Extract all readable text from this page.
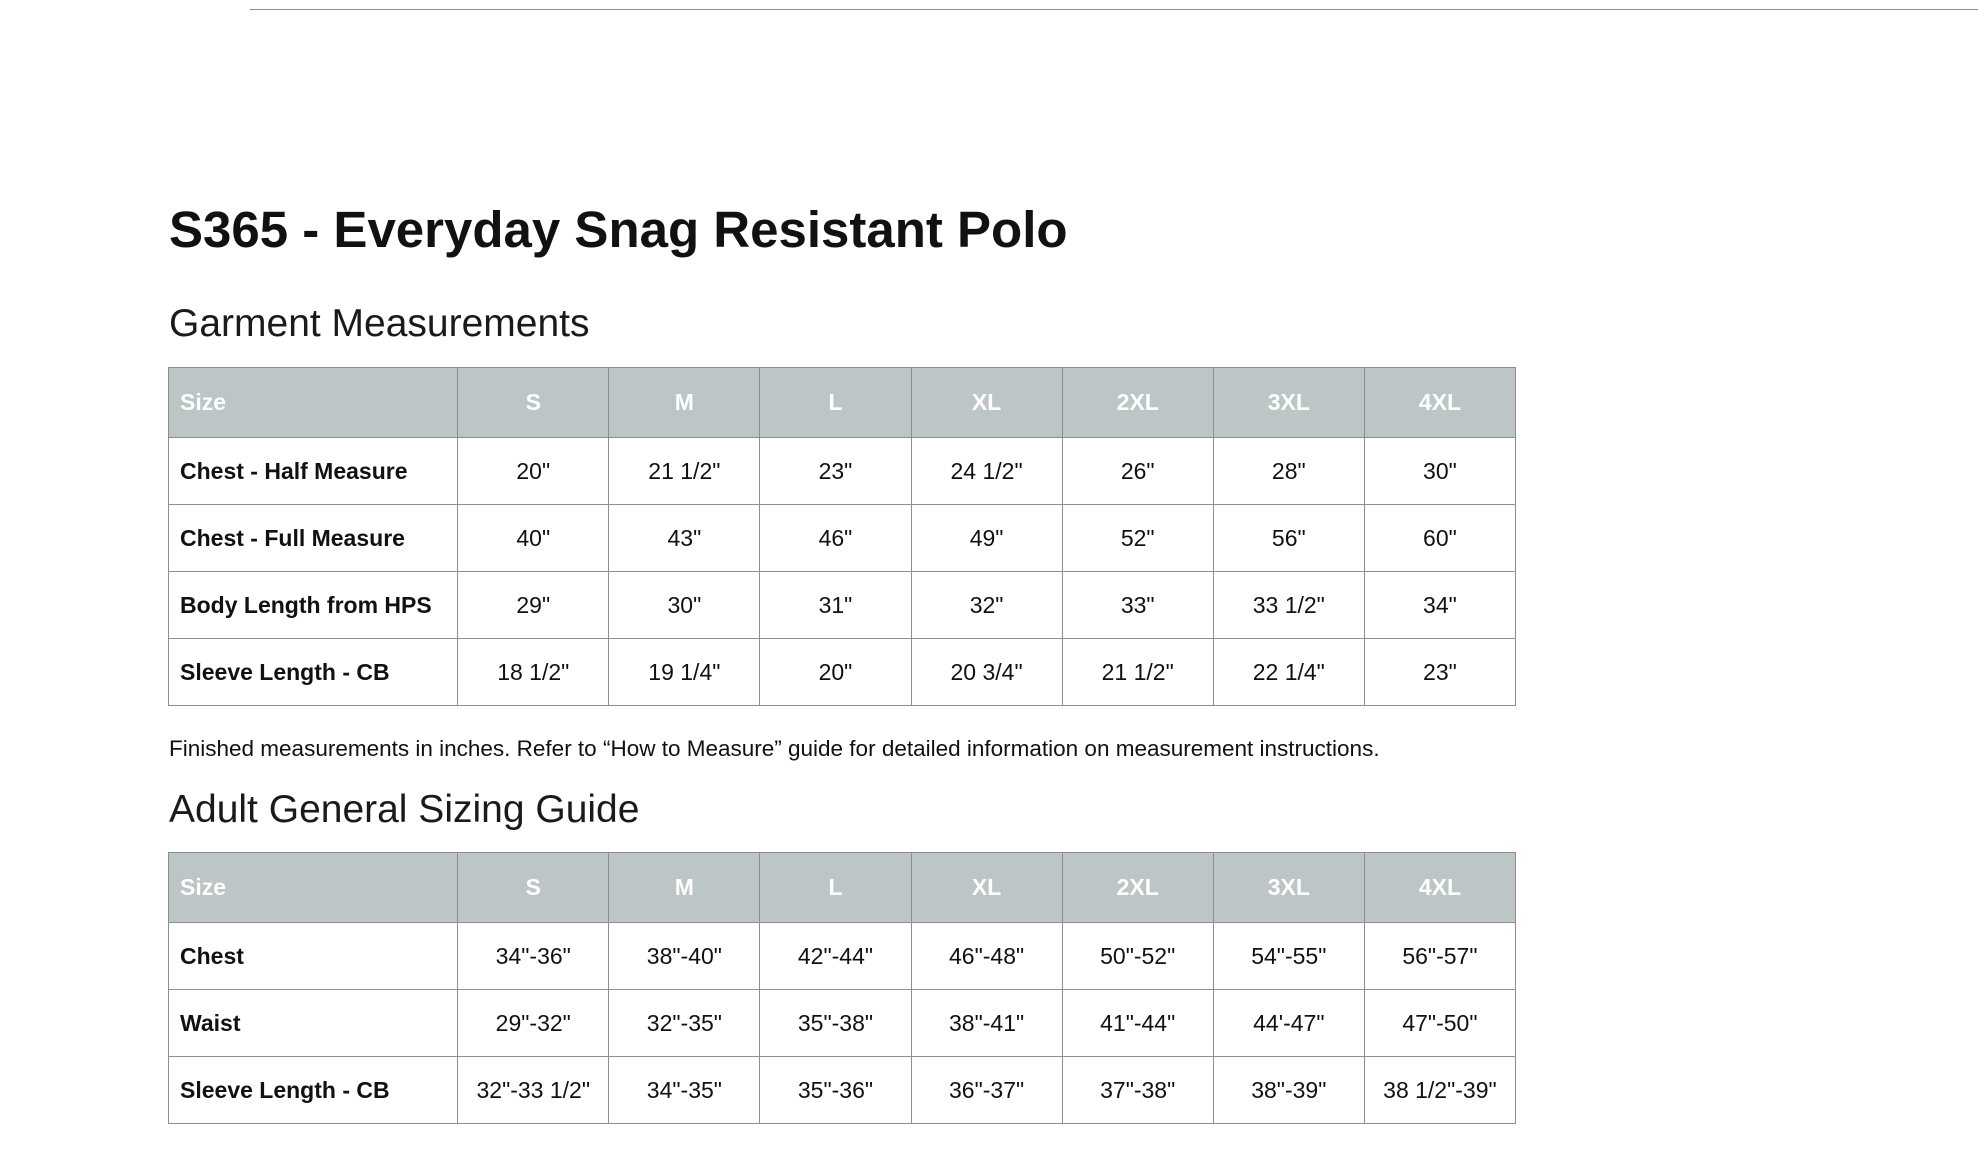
S365 - Everyday Snag Resistant Polo
Garment Measurements
Size	S	M	L	XL	2XL	3XL	4XL
Chest - Half Measure	20"	21 1/2"	23"	24 1/2"	26"	28"	30"
Chest - Full Measure	40"	43"	46"	49"	52"	56"	60"
Body Length from HPS	29"	30"	31"	32"	33"	33 1/2"	34"
Sleeve Length - CB	18 1/2"	19 1/4"	20"	20 3/4"	21 1/2"	22 1/4"	23"

Finished measurements in inches. Refer to “How to Measure” guide for detailed information on measurement instructions.

Adult General Sizing Guide
Size	S	M	L	XL	2XL	3XL	4XL
Chest	34"-36"	38"-40"	42"-44"	46"-48"	50"-52"	54"-55"	56"-57"
Waist	29"-32"	32"-35"	35"-38"	38"-41"	41"-44"	44'-47"	47"-50"
Sleeve Length - CB	32"-33 1/2"	34"-35"	35"-36"	36"-37"	37"-38"	38"-39"	38 1/2"-39"
